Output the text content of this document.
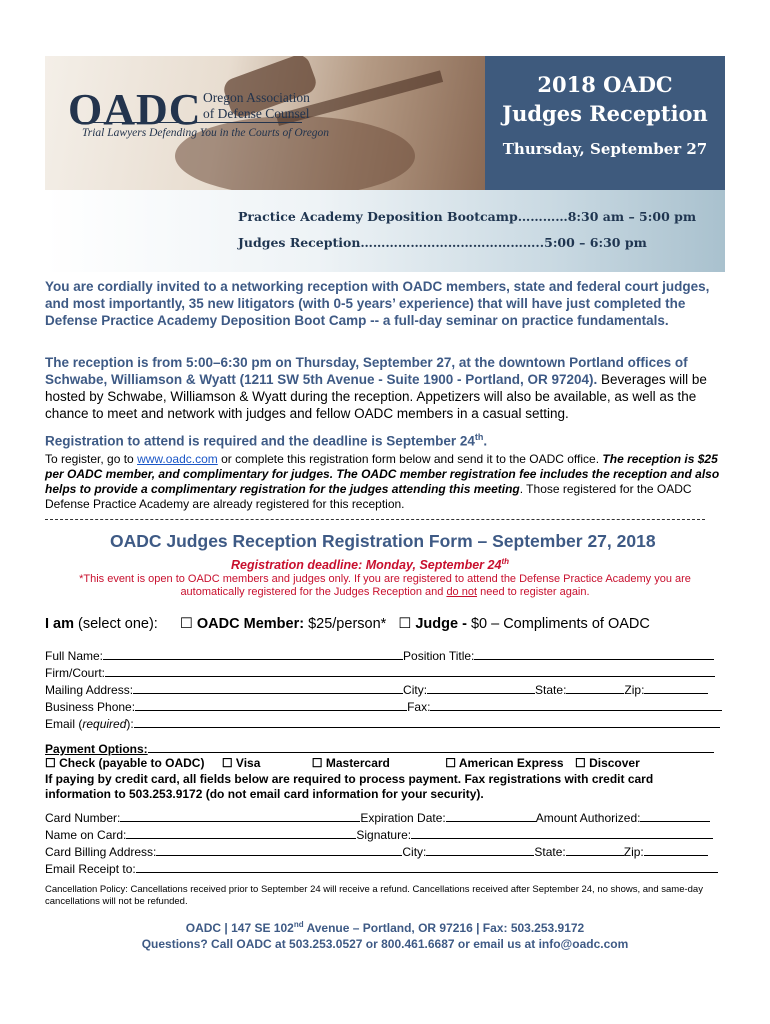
OADC Oregon Association
of Defense Counsel
Trial Lawyers Defending You in the Courts of Oregon
2018 OADC
Judges Reception
Thursday, September 27
Practice Academy Deposition Bootcamp…………8:30 am – 5:00 pm
Judges Reception……………………………………..5:00 – 6:30 pm
You are cordially invited to a networking reception with OADC members, state and federal court judges, and most importantly, 35 new litigators (with 0-5 years’ experience) that will have just completed the Defense Practice Academy Deposition Boot Camp -- a full-day seminar on practice fundamentals.
The reception is from 5:00–6:30 pm on Thursday, September 27, at the downtown Portland offices of Schwabe, Williamson & Wyatt (1211 SW 5th Avenue - Suite 1900 - Portland, OR 97204). Beverages will be hosted by Schwabe, Williamson & Wyatt during the reception. Appetizers will also be available, as well as the chance to meet and network with judges and fellow OADC members in a casual setting.
Registration to attend is required and the deadline is September 24th.
To register, go to www.oadc.com or complete this registration form below and send it to the OADC office. The reception is $25 per OADC member, and complimentary for judges. The OADC member registration fee includes the reception and also helps to provide a complimentary registration for the judges attending this meeting. Those registered for the OADC Defense Practice Academy are already registered for this reception.
OADC Judges Reception Registration Form – September 27, 2018
Registration deadline: Monday, September 24th
*This event is open to OADC members and judges only. If you are registered to attend the Defense Practice Academy you are
automatically registered for the Judges Reception and do not need to register again.
I am (select one): ☐ OADC Member: $25/person* ☐ Judge - $0 – Compliments of OADC
Full Name:	Position Title:
Firm/Court:
Mailing Address:	City:	State:	Zip:
Business Phone:	Fax:
Email (required):
Payment Options:
☐ Check (payable to OADC) ☐ Visa	☐ Mastercard	☐ American Express ☐ Discover
If paying by credit card, all fields below are required to process payment. Fax registrations with credit card information to 503.253.9172 (do not email card information for your security).
Card Number:	Expiration Date:	Amount Authorized:
Name on Card:	Signature:
Card Billing Address:	City:	State:	Zip:
Email Receipt to:
Cancellation Policy: Cancellations received prior to September 24 will receive a refund. Cancellations received after September 24, no shows, and same-day cancellations will not be refunded.
OADC | 147 SE 102nd Avenue – Portland, OR 97216 | Fax: 503.253.9172
Questions? Call OADC at 503.253.0527 or 800.461.6687 or email us at info@oadc.com
